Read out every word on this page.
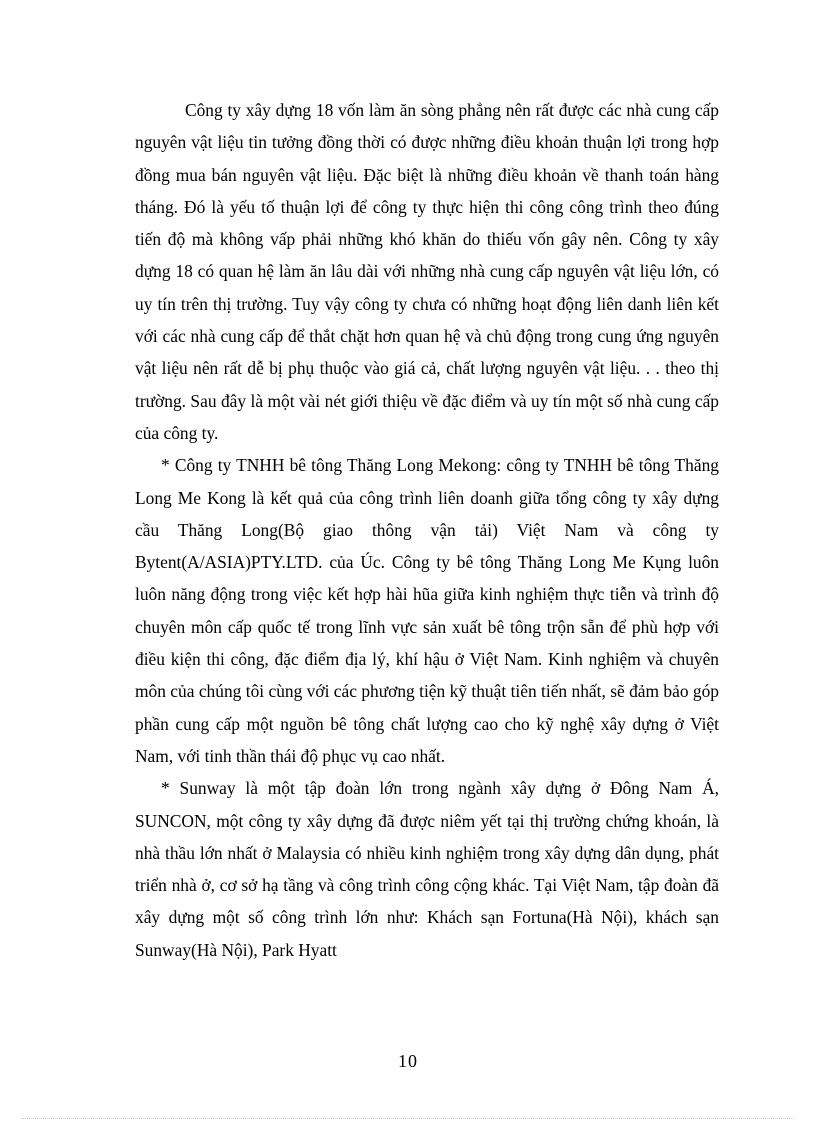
Công ty xây dựng 18 vốn làm ăn sòng phẳng nên rất được các nhà cung cấp nguyên vật liệu tin tưởng đồng thời có được những điều khoản thuận lợi trong hợp đồng mua bán nguyên vật liệu. Đặc biệt là những điều khoản về thanh toán hàng tháng. Đó là yếu tố thuận lợi để công ty thực hiện thi công công trình theo đúng tiến độ mà không vấp phải những khó khăn do thiếu vốn gây nên. Công ty xây dựng 18 có quan hệ làm ăn lâu dài với những nhà cung cấp nguyên vật liệu lớn, có uy tín trên thị trường. Tuy vậy công ty chưa có những hoạt động liên danh liên kết với các nhà cung cấp để thắt chặt hơn quan hệ và chủ động trong cung ứng nguyên vật liệu nên rất dễ bị phụ thuộc vào giá cả, chất lượng nguyên vật liệu. . . theo thị trường. Sau đây là một vài nét giới thiệu về đặc điểm và uy tín một số nhà cung cấp của công ty.

* Công ty TNHH bê tông Thăng Long Mekong: công ty TNHH bê tông Thăng Long Me Kong là kết quả của công trình liên doanh giữa tổng công ty xây dựng cầu Thăng Long(Bộ giao thông vận tải) Việt Nam và công ty Bytent(A/ASIA)PTY.LTD. của Úc. Công ty bê tông Thăng Long Me Kụng luôn luôn năng động trong việc kết hợp hài hũa giữa kinh nghiệm thực tiễn và trình độ chuyên môn cấp quốc tế trong lĩnh vực sản xuất bê tông trộn sẵn để phù hợp với điều kiện thi công, đặc điểm địa lý, khí hậu ở Việt Nam. Kinh nghiệm và chuyên môn của chúng tôi cùng với các phương tiện kỹ thuật tiên tiến nhất, sẽ đảm bảo góp phần cung cấp một nguồn bê tông chất lượng cao cho kỹ nghệ xây dựng ở Việt Nam, với tinh thần thái độ phục vụ cao nhất.

* Sunway là một tập đoàn lớn trong ngành xây dựng ở Đông Nam Á, SUNCON, một công ty xây dựng đã được niêm yết tại thị trường chứng khoán, là nhà thầu lớn nhất ở Malaysia có nhiều kinh nghiệm trong xây dựng dân dụng, phát triển nhà ở, cơ sở hạ tầng và công trình công cộng khác. Tại Việt Nam, tập đoàn đã xây dựng một số công trình lớn như: Khách sạn Fortuna(Hà Nội), khách sạn Sunway(Hà Nội), Park Hyatt

10
